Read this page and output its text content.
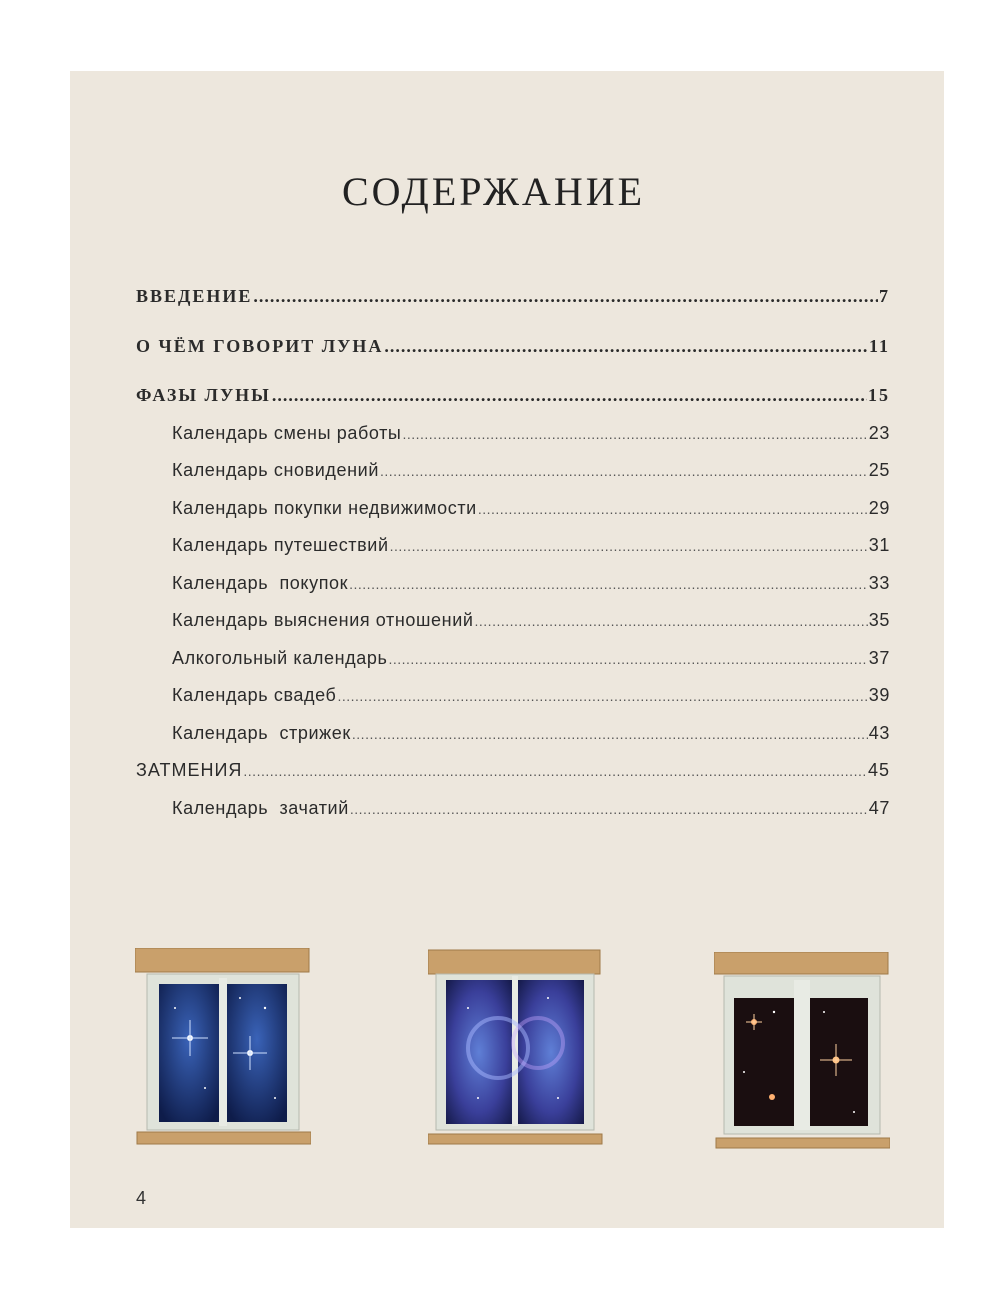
СОДЕРЖАНИЕ
ВВЕДЕНИЕ .....	7
О ЧЁМ ГОВОРИТ ЛУНА .....	11
ФАЗЫ ЛУНЫ .....	15
Календарь смены работы .....	23
Календарь сновидений .....	25
Календарь покупки недвижимости .....	29
Календарь путешествий .....	31
Календарь  покупок .....	33
Календарь выяснения отношений .....	35
Алкогольный календарь .....	37
Календарь свадеб .....	39
Календарь  стрижек .....	43
ЗАТМЕНИЯ .....	45
Календарь  зачатий .....	47
4
